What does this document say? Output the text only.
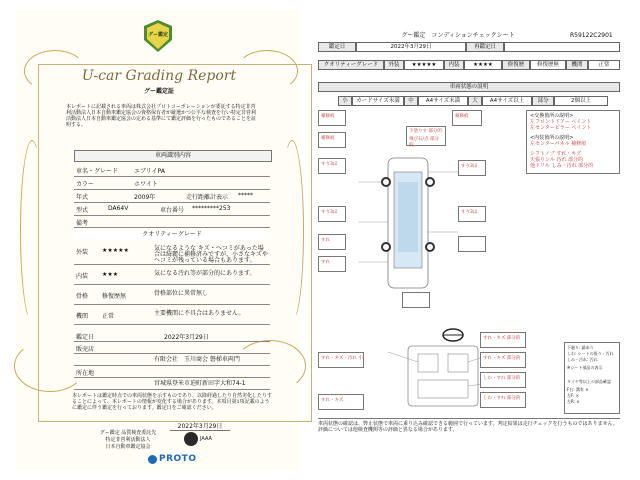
グー鑑定
U-car Grading Report
グー鑑定証
本レポートに記載される車両は株式会社プロトコーポレーションが委託する特定非営利活動法人日本自動車鑑定協会の資格保有者が厳選かつ公平な検査を行い特定非営利活動法人日本自動車鑑定協会の定める基準にて鑑定評価を行ったものであることを証明する。
車両識別内容
車名・グレード	エブリイPA
カラー	ホワイト
年式	2009年	走行距離計表示 *****
型式	DA64V	車台番号 *********253
備考
クオリティーグレード
外装 ★★★★★	気になるような キズ・ヘコミがあった場合は綺麗に補修済みですが、小さなキズやヘコミが残っている場合もあります。
内装 ★★★	気になる汚れ等が部分的にあります。
骨格 修復歴無	骨格部位に異常無し
機関 正常	主要機関に不具合はありません。
鑑定日	2022年3月29日
販売店
有限会社　玉川商会 磐梯車両門
所在地
宮城県登米市迫町新田字大和74-1
本レポートは鑑定時点での車両状態を示すものであり、以降経過したり自然劣化したりすることによって、本レポートの情報が変化する場合があります。本項目第1項記載のように鑑定に伴う鑑定を行っております。鑑定日をご確認ください。
グー鑑定 品質検査委託先
特定非営利活動法人
日本自動車鑑定協会
2022年3月29日
JAAA
PROTO
グー鑑定　コンディションチェックシート	R59122C2901
鑑定日	2022年3月29日	再鑑定日
クオリティーグレード	外装	★★★★★	内装	★★★★	修復歴	修復歴無	機関	正常
車両状態の説明
小	カードサイズ未満	中	A4サイズ未満	大	A4サイズ以上	部分	2個以上
<交換箇所の説明>
左フロントドアー ペイント
左センターピラー ペイント
<内装箇所の説明>
左センターパネル 補修痕
シフトノブ すれ・キズ
天張りシル 汚れ 部分的
他ドリル しみ・汚れ 部分的
補修痕
補修痕
すり3ほ
すり3ほ
すれ
すれ
補修痕
下塗りす 部分的
飛び石/点 部分的
すり3ほ
すり3ほ
すれ・キズ・汚れ 小
すれ・キズ 部分的
すれ・キズ 部分的
しわ・すれ 部分的
しわ・すれ 部分的
すれ・キズ
下廻り: 錆あり
しわ: シートの張り・汚れ
しみ・汚れ: 汚れ
※シート部品の表示
タイヤ等以上の部品確認
F右: 溝有 ×
左F: ×
左R: ×
車両状態の確認は、弊止状態で車両に乗り込み確認できる範囲で行っています。判定結果は走行チェックを行うものではありません。評価については他検査機関等の評価と異なる場合があります。
